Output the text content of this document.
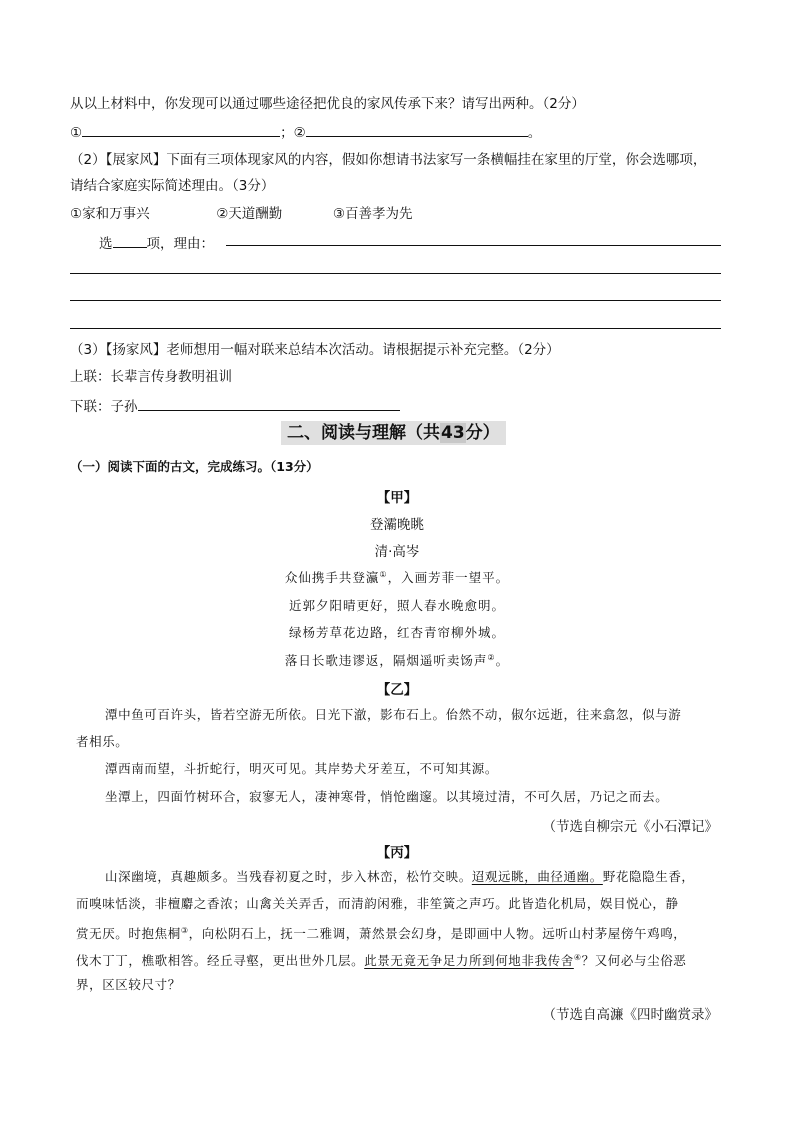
从以上材料中，你发现可以通过哪些途径把优良的家风传承下来？请写出两种。（2分）
①	；②	。
（2）【展家风】下面有三项体现家风的内容，假如你想请书法家写一条横幅挂在家里的厅堂，你会选哪项，
请结合家庭实际简述理由。（3分）
①家和万事兴	②天道酬勤	③百善孝为先
选	项，理由：
（3）【扬家风】老师想用一幅对联来总结本次活动。请根据提示补充完整。（2分）
上联：长辈言传身教明祖训
下联：子孙
二、阅读与理解（共43分）
（一）阅读下面的古文，完成练习。（13分）
【甲】
登灞晚眺
清·高岑
众仙携手共登瀛①，入画芳菲一望平。
近郭夕阳晴更好，照人春水晚愈明。
绿杨芳草花边路，红杏青帘柳外城。
落日长歌违谬返，隔烟遥听卖饧声②。
【乙】
潭中鱼可百许头，皆若空游无所依。日光下澈，影布石上。佁然不动，俶尔远逝，往来翕忽，似与游
者相乐。
潭西南而望，斗折蛇行，明灭可见。其岸势犬牙差互，不可知其源。
坐潭上，四面竹树环合，寂寥无人，凄神寒骨，悄怆幽邃。以其境过清，不可久居，乃记之而去。
（节选自柳宗元《小石潭记》
【丙】
山深幽境，真趣颇多。当残春初夏之时，步入林峦，松竹交映。迢观远眺，曲径通幽。野花隐隐生香，
而嗅味恬淡，非檀麝之香浓；山禽关关弄舌，而清韵闲雅，非笙簧之声巧。此皆造化机局，娱目悦心，静
赏无厌。时抱焦桐③，向松阴石上，抚一二雅调，萧然景会幻身，是即画中人物。远听山村茅屋傍午鸡鸣，
伐木丁丁，樵歌相答。经丘寻壑，更出世外几层。此景无竟无争足力所到何地非我传舍④？又何必与尘俗恶
界，区区较尺寸？
（节选自高濂《四时幽赏录》
